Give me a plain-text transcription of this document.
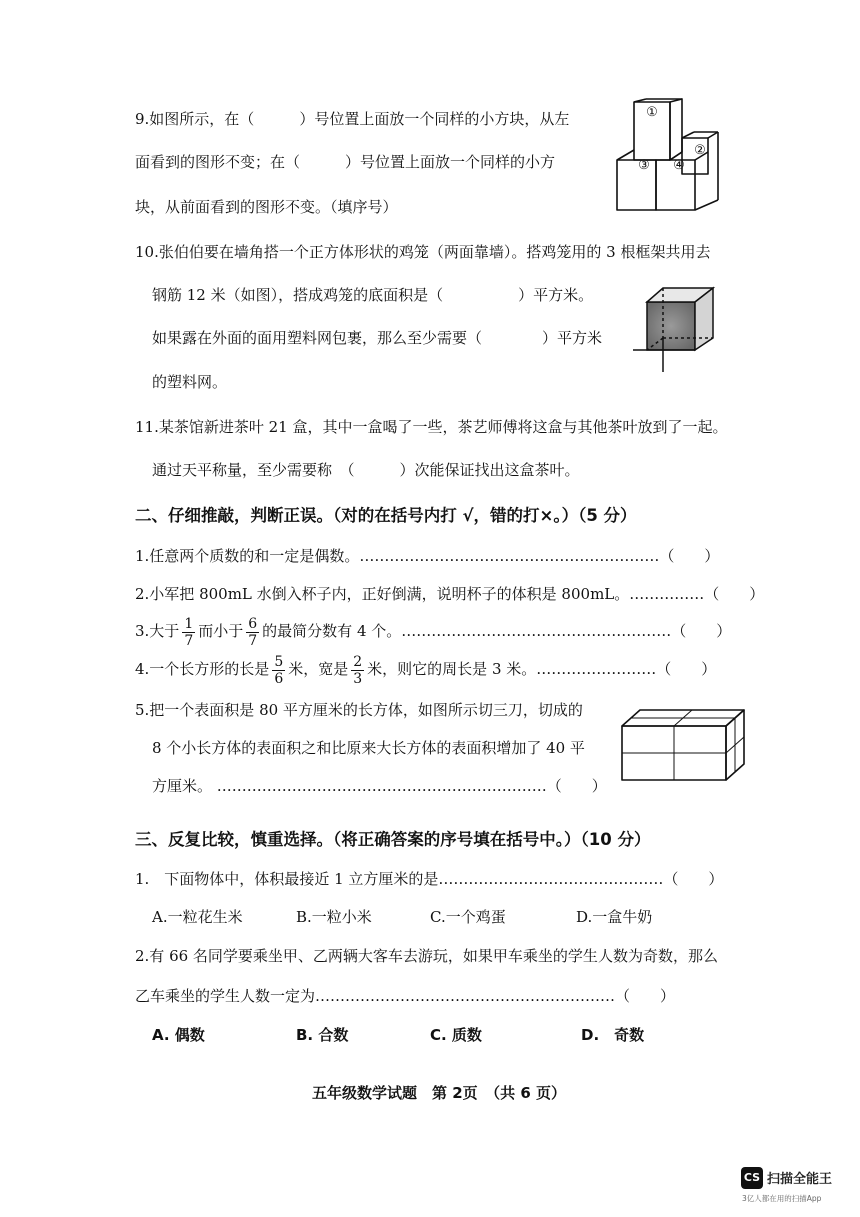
9.如图所示，在（　　　）号位置上面放一个同样的小方块，从左
面看到的图形不变；在（　　　）号位置上面放一个同样的小方
块，从前面看到的图形不变。（填序号）
①
②
③ ④
10.张伯伯要在墙角搭一个正方体形状的鸡笼（两面靠墙）。搭鸡笼用的 3 根框架共用去
钢筋 12 米（如图），搭成鸡笼的底面积是（　　　　　）平方米。
如果露在外面的面用塑料网包裹，那么至少需要（　　　　）平方米
的塑料网。
11.某茶馆新进茶叶 21 盒，其中一盒喝了一些，茶艺师傅将这盒与其他茶叶放到了一起。
通过天平称量，至少需要称　（　　　）次能保证找出这盒茶叶。
二、仔细推敲，判断正误。（对的在括号内打 √，错的打×。）（5 分）
1.任意两个质数的和一定是偶数。……………………………………………………（　　）
2.小军把 800mL 水倒入杯子内，正好倒满，说明杯子的体积是 800mL。……………（　　）
3.大于 $\frac{1}{7}$ 而小于 $\frac{6}{7}$ 的最简分数有 4 个。………………………………………………（　　）
4.一个长方形的长是 $\frac{5}{6}$ 米，宽是 $\frac{2}{3}$ 米，则它的周长是 3 米。……………………（　　）
5.把一个表面积是 80 平方厘米的长方体，如图所示切三刀，切成的
8 个小长方体的表面积之和比原来大长方体的表面积增加了 40 平
方厘米。 …………………………………………………………（　　）
三、反复比较，慎重选择。（将正确答案的序号填在括号中。）（10 分）
1.　下面物体中，体积最接近 1 立方厘米的是………………………………………（　　）
A.一粒花生米	B.一粒小米	C.一个鸡蛋	D.一盒牛奶
2.有 66 名同学要乘坐甲、乙两辆大客车去游玩，如果甲车乘坐的学生人数为奇数，那么
乙车乘坐的学生人数一定为……………………………………………………（　　）
A. 偶数	B. 合数	C. 质数	D.　奇数
五年级数学试题　第 2页　（共 6 页）
CS 扫描全能王
3亿人都在用的扫描App
